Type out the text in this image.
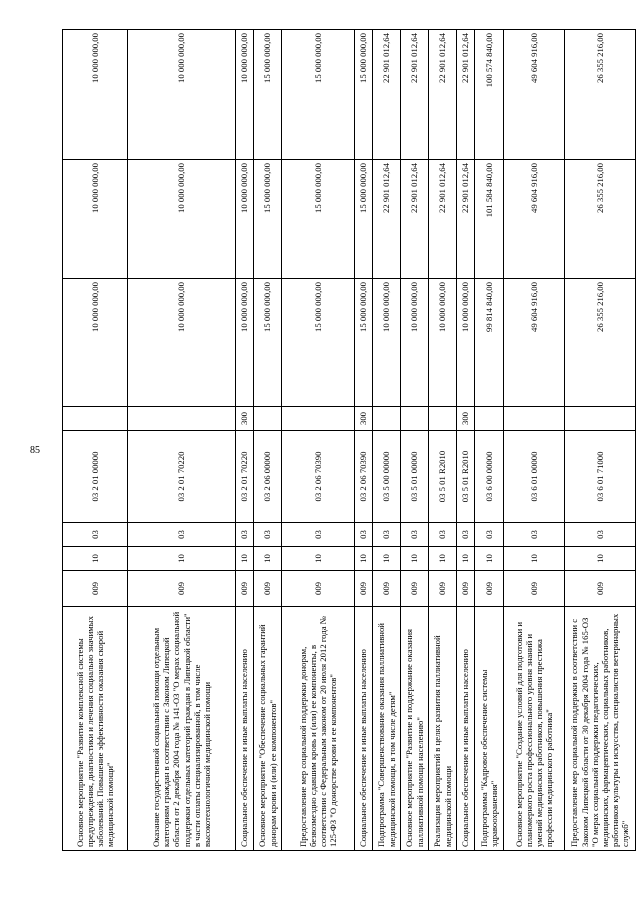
85
Основное мероприятие "Развитие комплексной системы предупреждения, диагностики и лечения социально значимых заболеваний. Повышение эффективности оказания скорой медицинской помощи"	009	10	03	03 2 01 00000		10 000 000,00	10 000 000,00	10 000 000,00
Оказание государственной социальной помощи отдельным категориям граждан в соответствии с Законом Липецкой области от 2 декабря 2004 года № 141-ОЗ "О мерах социальной поддержки отдельных категорий граждан в Липецкой области" в части оплаты специализированной, в том числе высокотехнологичной медицинской помощи	009	10	03	03 2 01 70220		10 000 000,00	10 000 000,00	10 000 000,00
Социальное обеспечение и иные выплаты населению	009	10	03	03 2 01 70220	300	10 000 000,00	10 000 000,00	10 000 000,00
Основное мероприятие "Обеспечение социальных гарантий донорам крови и (или) ее компонентов"	009	10	03	03 2 06 00000		15 000 000,00	15 000 000,00	15 000 000,00
Предоставление мер социальной поддержки донорам, безвозмездно сдавшим кровь и (или) ее компоненты, в соответствии с Федеральным законом от 20 июля 2012 года № 125-ФЗ "О донорстве крови и ее компонентов"	009	10	03	03 2 06 70390		15 000 000,00	15 000 000,00	15 000 000,00
Социальное обеспечение и иные выплаты населению	009	10	03	03 2 06 70390	300	15 000 000,00	15 000 000,00	15 000 000,00
Подпрограмма "Совершенствование оказания паллиативной медицинской помощи, в том числе детям"	009	10	03	03 5 00 00000		10 000 000,00	22 901 012,64	22 901 012,64
Основное мероприятие "Развитие и поддержание оказания паллиативной помощи населению"	009	10	03	03 5 01 00000		10 000 000,00	22 901 012,64	22 901 012,64
Реализация мероприятий в целях развития паллиативной медицинской помощи	009	10	03	03 5 01 R2010		10 000 000,00	22 901 012,64	22 901 012,64
Социальное обеспечение и иные выплаты населению	009	10	03	03 5 01 R2010	300	10 000 000,00	22 901 012,64	22 901 012,64
Подпрограмма "Кадровое обеспечение системы здравоохранения"	009	10	03	03 6 00 00000		99 814 840,00	101 584 840,00	100 574 840,00
Основное мероприятие "Создание условий для подготовки и планомерного роста профессионального уровня знаний и умений медицинских работников, повышения престижа профессии медицинского работника"	009	10	03	03 6 01 00000		49 604 916,00	49 604 916,00	49 604 916,00
Предоставление мер социальной поддержки в соответствии с Законом Липецкой области от 30 декабря 2004 года № 165-ОЗ "О мерах социальной поддержки педагогических, медицинских, фармацевтических, социальных работников, работников культуры и искусства, специалистов ветеринарных служб"	009	10	03	03 6 01 71000		26 355 216,00	26 355 216,00	26 355 216,00
